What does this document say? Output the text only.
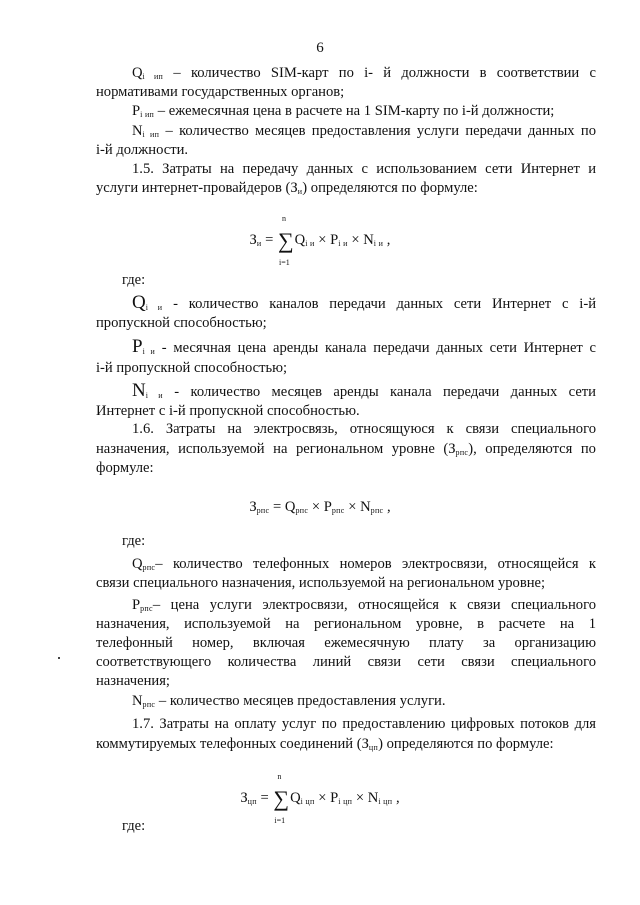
6

$Q_{i ип}$ – количество SIM-карт по i- й должности в соответствии с

нормативами государственных органов;

$P_{i ип}$ – ежемесячная цена в расчете на 1 SIM-карту по i-й должности;

$N_{i ип}$ – количество месяцев предоставления услуги передачи данных по

i-й должности.

1.5. Затраты на передачу данных с использованием сети Интернет и

услуги интернет-провайдеров $(З_и)$ определяются по формуле:

$З_и$ = ∑
n
i=1
$Q_{i и} \times P_{i и} \times N_{i и}$ ,
где:

$Q_{i и}$ - количество каналов передачи данных сети Интернет с i-й

пропускной способностью;

$P_{i и}$ - месячная цена аренды канала передачи данных сети Интернет с

i-й пропускной способностью;

$N_{i и}$ - количество месяцев аренды канала передачи данных сети

Интернет с i-й пропускной способностью.

1.6. Затраты на электросвязь, относящуюся к связи специального

назначения, используемой на региональном уровне $(З_{рпс})$, определяются по

формуле:

$З_{рпс} = Q_{рпс} \times P_{рпс} \times N_{рпс}$ ,
где:

$Q_{рпс}-$ количество телефонных номеров электросвязи, относящейся к

связи специального назначения, используемой на региональном уровне;

$P_{рпс}-$ цена услуги электросвязи, относящейся к связи специального

назначения, используемой на региональном уровне, в расчете на 1

телефонный номер, включая ежемесячную плату за организацию

соответствующего количества линий связи сети связи специального

назначения;

$N_{рпс}$ – количество месяцев предоставления услуги.

1.7. Затраты на оплату услуг по предоставлению цифровых потоков для

коммутируемых телефонных соединений $(З_{цп})$ определяются по формуле:

$З_{цп}$ = ∑
n
i=1
$Q_{i цп} \times P_{i цп} \times N_{i цп}$ ,
где:
